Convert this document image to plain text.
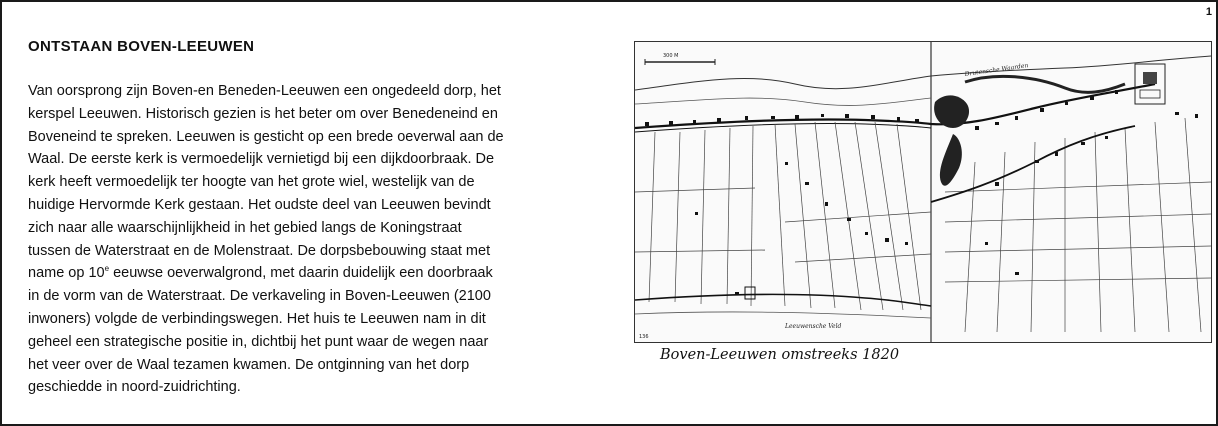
1
ONTSTAAN BOVEN-LEEUWEN

Van oorsprong zijn Boven-en Beneden-Leeuwen een ongedeeld dorp, het kerspel Leeuwen. Historisch gezien is het beter om over Benedeneind en Boveneind te spreken. Leeuwen is gesticht op een brede oeverwal aan de Waal. De eerste kerk is vermoedelijk vernietigd bij een dijkdoorbraak. De kerk heeft vermoedelijk ter hoogte van het grote wiel, westelijk van de huidige Hervormde Kerk gestaan. Het oudste deel van Leeuwen bevindt zich naar alle waarschijnlijkheid in het gebied langs de Koningstraat tussen de Waterstraat en de Molenstraat. De dorpsbebouwing staat met name op 10e eeuwse oeverwalgrond, met daarin duidelijk een doorbraak in de vorm van de Waterstraat. De verkaveling in Boven-Leeuwen (2100 inwoners) volgde de verbindingswegen. Het huis te Leeuwen nam in dit geheel een strategische positie in, dichtbij het punt waar de wegen naar het veer over de Waal tezamen kwamen. De ontginning van het dorp geschiedde in noord-zuidrichting.

300 M
Drutensche Waarden
Leeuwensche Veld
136
Boven-Leeuwen omstreeks 1820
